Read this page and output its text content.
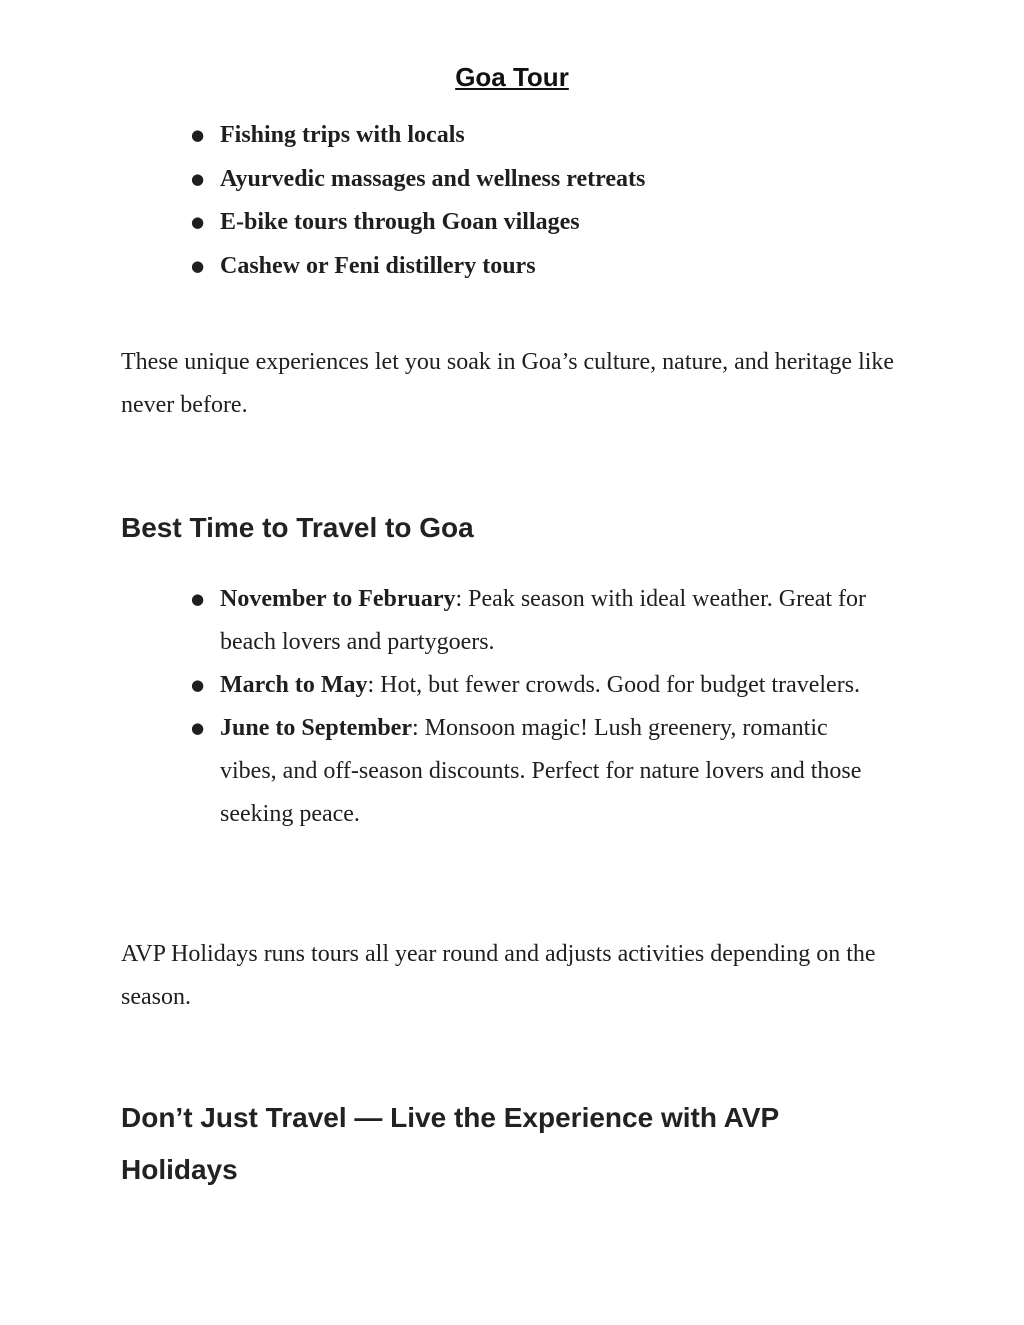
Goa Tour
● Fishing trips with locals
● Ayurvedic massages and wellness retreats
● E-bike tours through Goan villages
● Cashew or Feni distillery tours

These unique experiences let you soak in Goa’s culture, nature, and heritage like never before.

Best Time to Travel to Goa
● November to February: Peak season with ideal weather. Great for beach lovers and partygoers.
● March to May: Hot, but fewer crowds. Good for budget travelers.
● June to September: Monsoon magic! Lush greenery, romantic vibes, and off-season discounts. Perfect for nature lovers and those seeking peace.

AVP Holidays runs tours all year round and adjusts activities depending on the season.

Don’t Just Travel — Live the Experience with AVP Holidays
